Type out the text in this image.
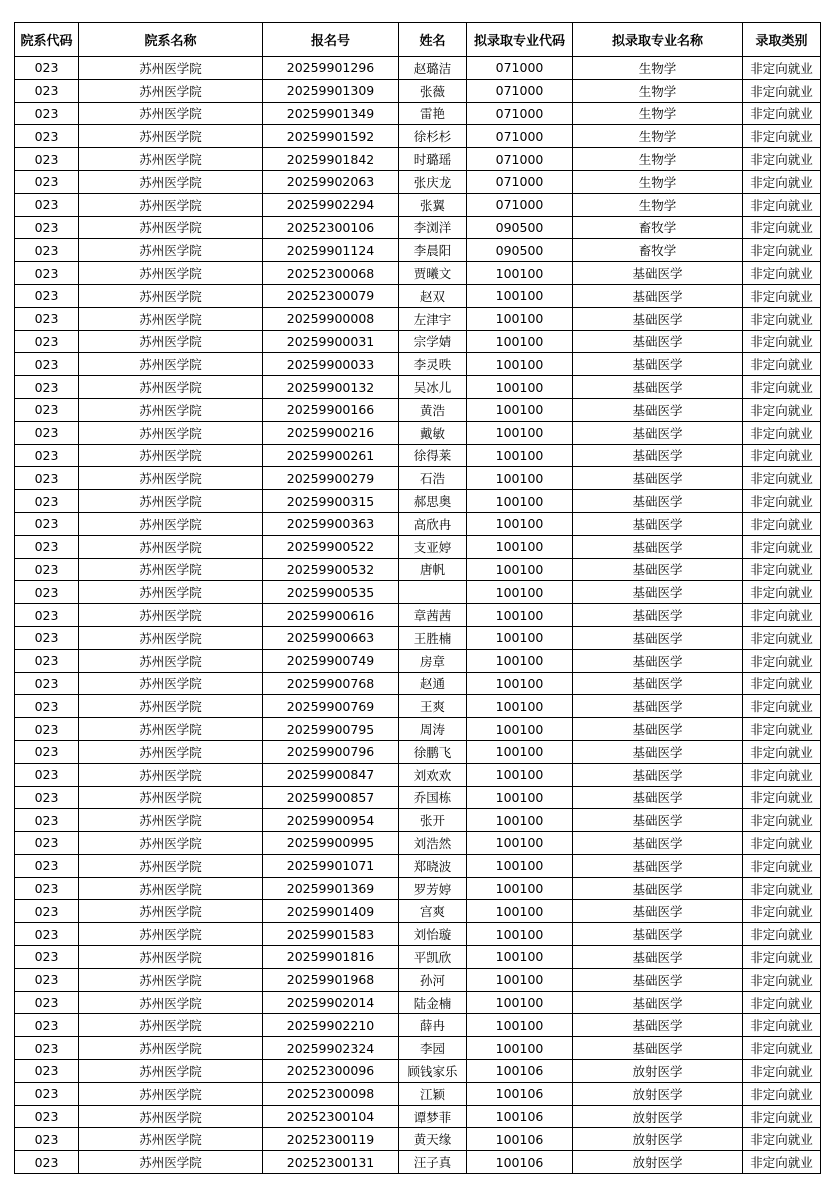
院系代码	院系名称	报名号	姓名	拟录取专业代码	拟录取专业名称	录取类别
023	苏州医学院	20259901296	赵璐洁	071000	生物学	非定向就业
023	苏州医学院	20259901309	张薇	071000	生物学	非定向就业
023	苏州医学院	20259901349	雷艳	071000	生物学	非定向就业
023	苏州医学院	20259901592	徐杉杉	071000	生物学	非定向就业
023	苏州医学院	20259901842	时璐瑶	071000	生物学	非定向就业
023	苏州医学院	20259902063	张庆龙	071000	生物学	非定向就业
023	苏州医学院	20259902294	张翼	071000	生物学	非定向就业
023	苏州医学院	20252300106	李浏洋	090500	畜牧学	非定向就业
023	苏州医学院	20259901124	李晨阳	090500	畜牧学	非定向就业
023	苏州医学院	20252300068	贾曦文	100100	基础医学	非定向就业
023	苏州医学院	20252300079	赵双	100100	基础医学	非定向就业
023	苏州医学院	20259900008	左津宇	100100	基础医学	非定向就业
023	苏州医学院	20259900031	宗学婧	100100	基础医学	非定向就业
023	苏州医学院	20259900033	李灵昳	100100	基础医学	非定向就业
023	苏州医学院	20259900132	吴冰儿	100100	基础医学	非定向就业
023	苏州医学院	20259900166	黄浩	100100	基础医学	非定向就业
023	苏州医学院	20259900216	戴敏	100100	基础医学	非定向就业
023	苏州医学院	20259900261	徐得莱	100100	基础医学	非定向就业
023	苏州医学院	20259900279	石浩	100100	基础医学	非定向就业
023	苏州医学院	20259900315	郝思奥	100100	基础医学	非定向就业
023	苏州医学院	20259900363	高欣冉	100100	基础医学	非定向就业
023	苏州医学院	20259900522	支亚婷	100100	基础医学	非定向就业
023	苏州医学院	20259900532	唐帆	100100	基础医学	非定向就业
023	苏州医学院	20259900535		100100	基础医学	非定向就业
023	苏州医学院	20259900616	章茜茜	100100	基础医学	非定向就业
023	苏州医学院	20259900663	王胜楠	100100	基础医学	非定向就业
023	苏州医学院	20259900749	房章	100100	基础医学	非定向就业
023	苏州医学院	20259900768	赵通	100100	基础医学	非定向就业
023	苏州医学院	20259900769	王爽	100100	基础医学	非定向就业
023	苏州医学院	20259900795	周涛	100100	基础医学	非定向就业
023	苏州医学院	20259900796	徐鹏飞	100100	基础医学	非定向就业
023	苏州医学院	20259900847	刘欢欢	100100	基础医学	非定向就业
023	苏州医学院	20259900857	乔国栋	100100	基础医学	非定向就业
023	苏州医学院	20259900954	张开	100100	基础医学	非定向就业
023	苏州医学院	20259900995	刘浩然	100100	基础医学	非定向就业
023	苏州医学院	20259901071	郑晓波	100100	基础医学	非定向就业
023	苏州医学院	20259901369	罗芳婷	100100	基础医学	非定向就业
023	苏州医学院	20259901409	宫爽	100100	基础医学	非定向就业
023	苏州医学院	20259901583	刘怡璇	100100	基础医学	非定向就业
023	苏州医学院	20259901816	平凯欣	100100	基础医学	非定向就业
023	苏州医学院	20259901968	孙河	100100	基础医学	非定向就业
023	苏州医学院	20259902014	陆金楠	100100	基础医学	非定向就业
023	苏州医学院	20259902210	薛冉	100100	基础医学	非定向就业
023	苏州医学院	20259902324	李园	100100	基础医学	非定向就业
023	苏州医学院	20252300096	顾钱家乐	100106	放射医学	非定向就业
023	苏州医学院	20252300098	江颖	100106	放射医学	非定向就业
023	苏州医学院	20252300104	谭梦菲	100106	放射医学	非定向就业
023	苏州医学院	20252300119	黄天缘	100106	放射医学	非定向就业
023	苏州医学院	20252300131	汪子真	100106	放射医学	非定向就业
